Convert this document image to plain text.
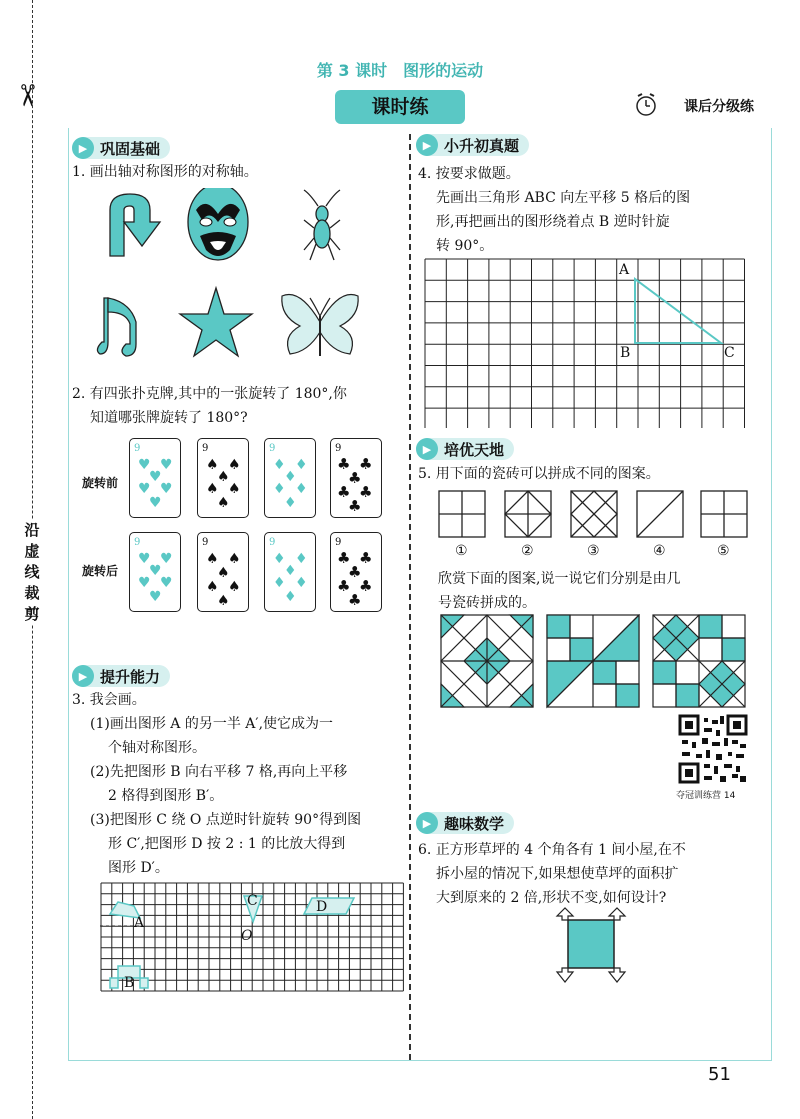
✂
沿
虚
线
裁
剪
第 3 课时　图形的运动
课时练	课后分级练
▶ 巩固基础
1. 画出轴对称图形的对称轴。
2. 有四张扑克牌,其中的一张旋转了 180°,你
知道哪张牌旋转了 180°?
旋转前
旋转后
9
♥ ♥
♥
♥ ♥
♥
9
♠ ♠
♠
♠ ♠
♠
9
♦ ♦
♦
♦ ♦
♦
9
♣ ♣
♣
♣ ♣
♣
9
♥ ♥
♥
♥ ♥
♥
9
♠ ♠
♠
♠ ♠
♠
9
♦ ♦
♦
♦ ♦
♦
9
♣ ♣
♣
♣ ♣
♣
▶ 提升能力
3. 我会画。
(1)画出图形 A 的另一半 A′,使它成为一
个轴对称图形。
(2)先把图形 B 向右平移 7 格,再向上平移
2 格得到图形 B′。
(3)把图形 C 绕 O 点逆时针旋转 90°得到图
形 C′,把图形 D 按 2 : 1 的比放大得到
图形 D′。
A
B
C	D
O
▶ 小升初真题
4. 按要求做题。
先画出三角形 ABC 向左平移 5 格后的图
形,再把画出的图形绕着点 B 逆时针旋
转 90°。
A
B	C
▶ 培优天地
5. 用下面的瓷砖可以拼成不同的图案。
①	②	③	④	⑤
欣赏下面的图案,说一说它们分别是由几
号瓷砖拼成的。
夺冠训练营 14
▶ 趣味数学
6. 正方形草坪的 4 个角各有 1 间小屋,在不
拆小屋的情况下,如果想使草坪的面积扩
大到原来的 2 倍,形状不变,如何设计?
51
